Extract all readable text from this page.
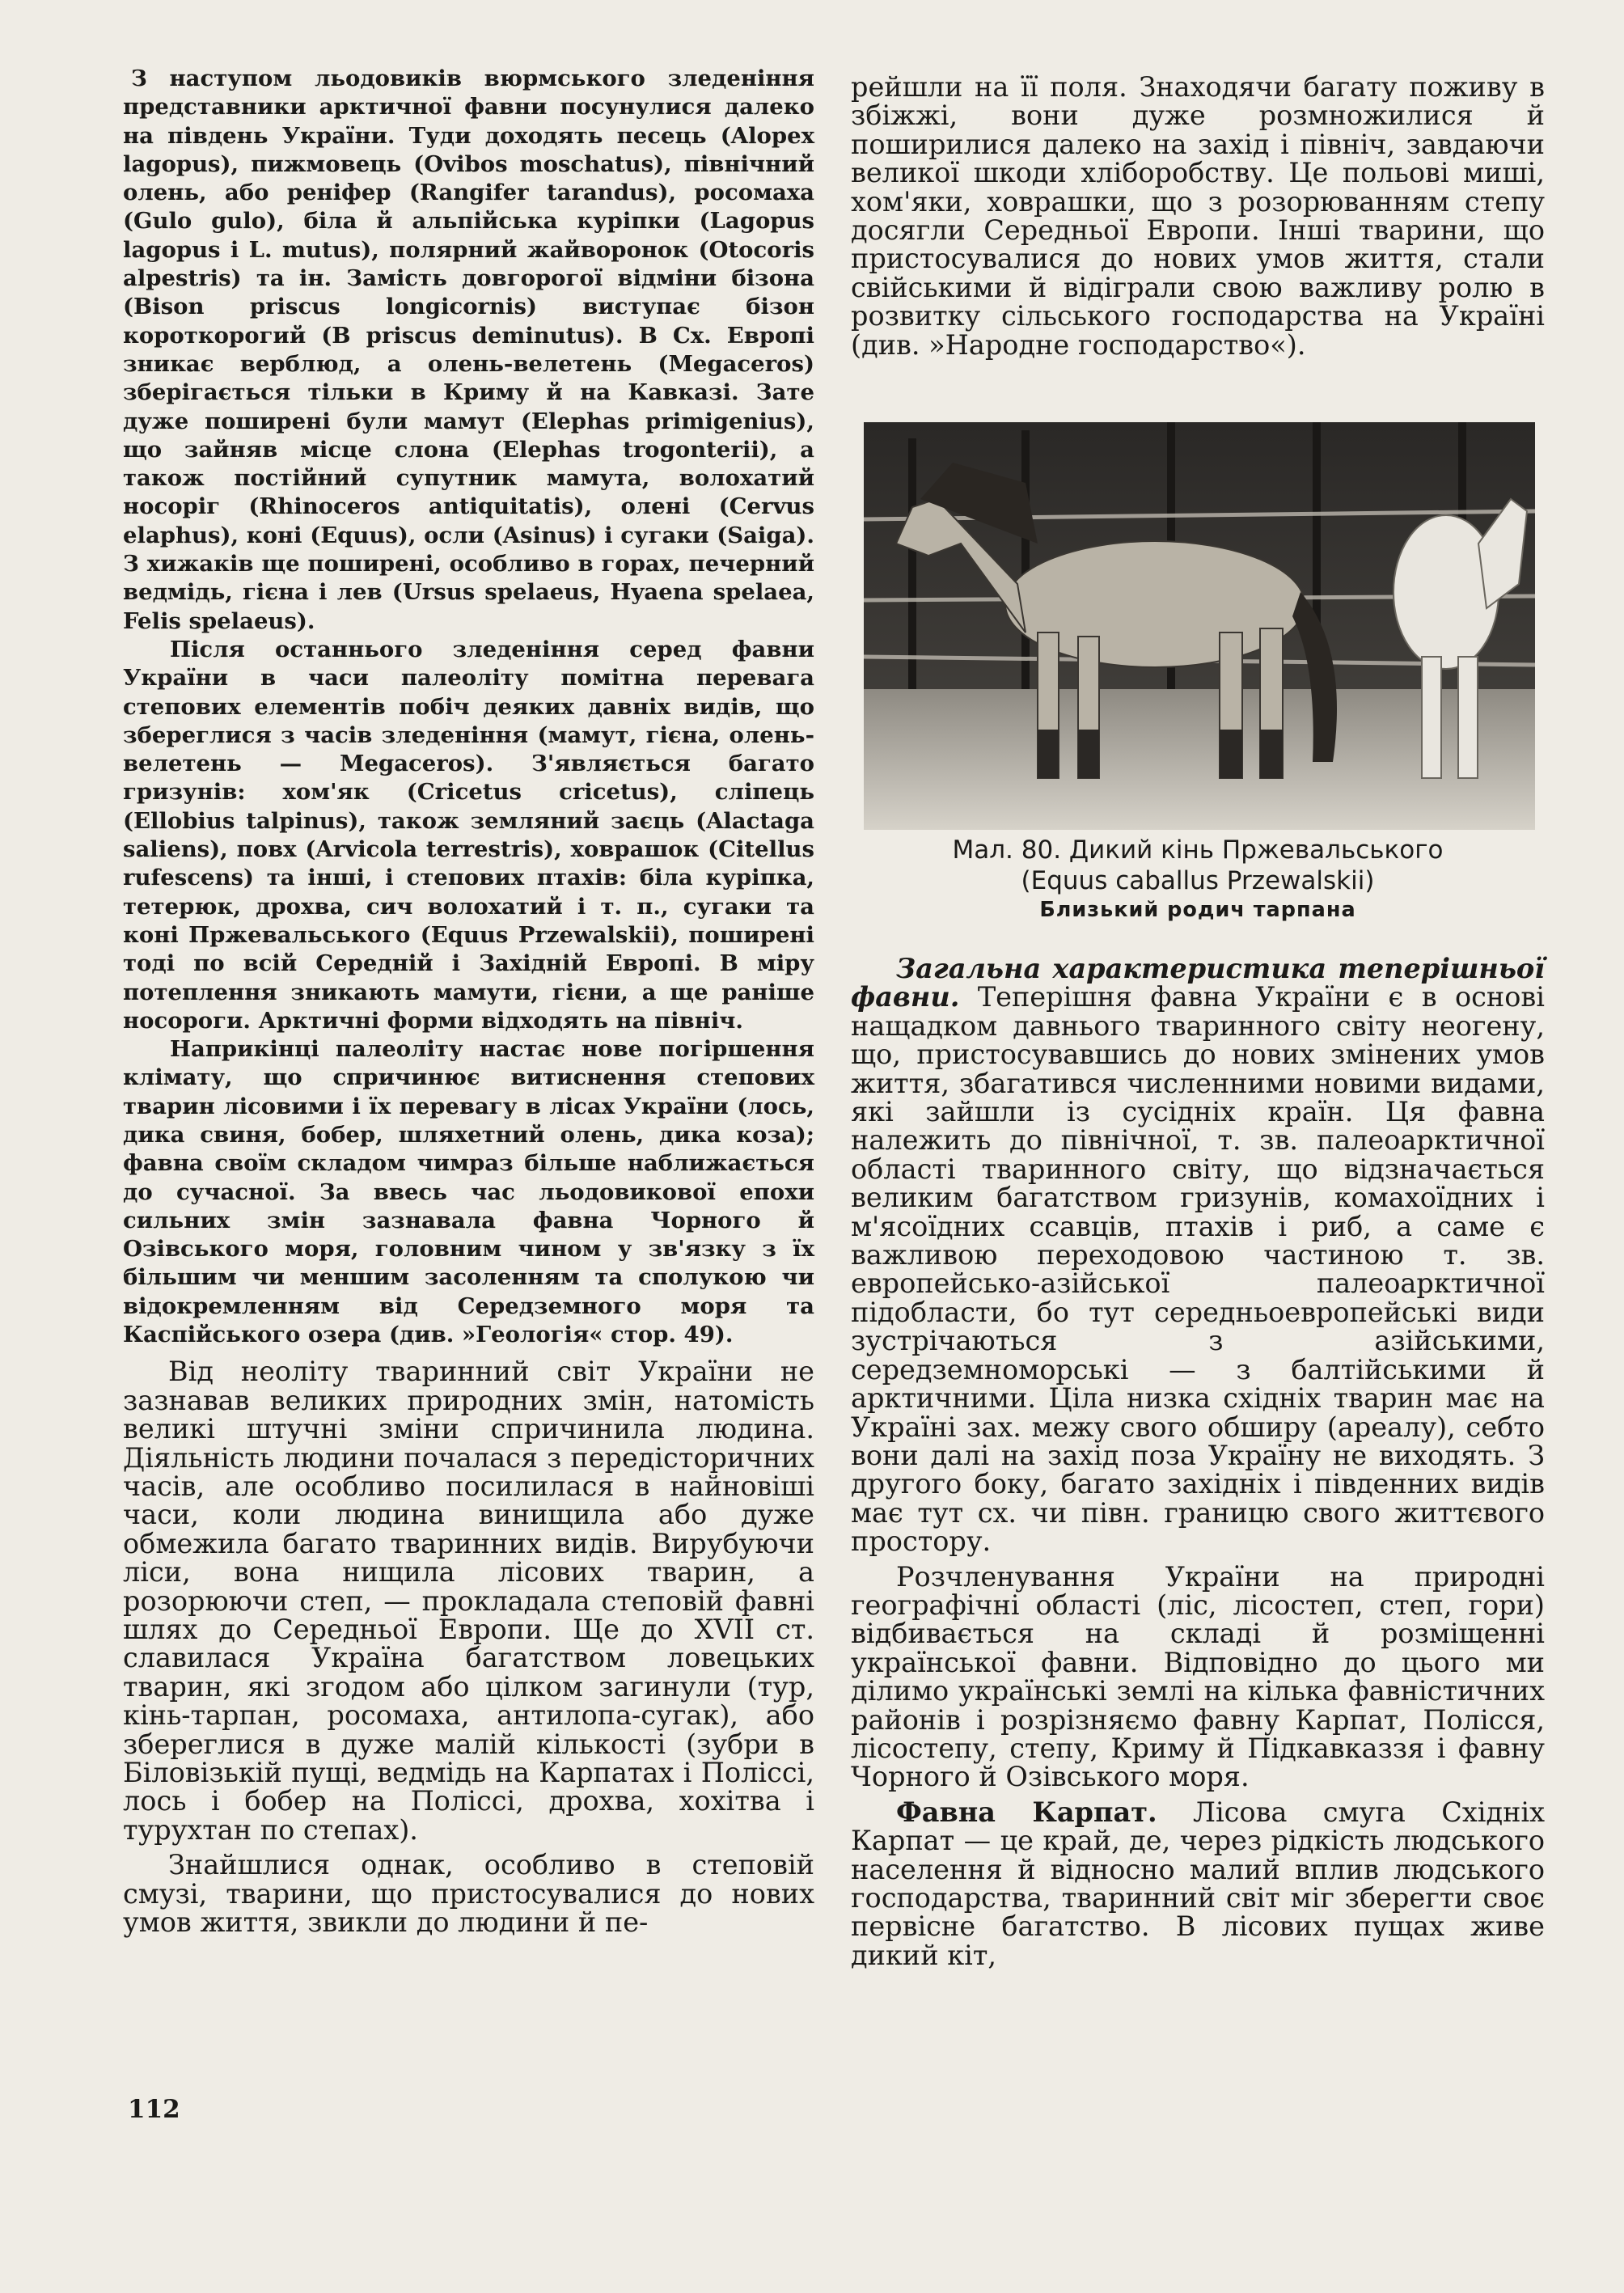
З наступом льодовиків вюрмського зледеніння представники арктичної фавни посунулися далеко на південь України. Туди доходять песець (Alopex lagopus), пижмовець (Ovibos moschatus), північний олень, або реніфер (Rangifer tarandus), росомаха (Gulo gulo), біла й альпійська куріпки (Lagopus lagopus і L. mutus), полярний жайворонок (Otocoris alpestris) та ін. Замість довгорогої відміни бізона (Bison priscus longicornis) виступає бізон короткорогий (B priscus deminutus). В Сх. Европі зникає верблюд, а олень-велетень (Megaceros) зберігається тільки в Криму й на Кавказі. Зате дуже поширені були мамут (Elephas primigenius), що зайняв місце слона (Elephas trogontеrii), а також постійний супутник мамута, волохатий носоріг (Rhinoceros antiquitatis), олені (Cervus elaphus), коні (Equus), осли (Asinus) і сугаки (Saiga). З хижаків ще поширені, особливо в горах, печерний ведмідь, гієна і лев (Ursus spelaeus, Hyaena spelaea, Felis spelaeus).

Після останнього зледеніння серед фавни України в часи палеоліту помітна перевага степових елементів побіч деяких давніх видів, що збереглися з часів зледеніння (мамут, гієна, олень-велетень — Megaceros). З'являється багато гризунів: хом'як (Cricetus cricetus), сліпець (Ellobius talpinus), також земляний заєць (Alactaga saliens), повх (Arvicola terrestris), ховрашок (Citellus rufescens) та інші, і степових птахів: біла куріпка, тетерюк, дрохва, сич волохатий і т. п., сугаки та коні Пржевальського (Equus Przewalskii), поширені тоді по всій Середній і Західній Европі. В міру потеплення зникають мамути, гієни, а ще раніше носороги. Арктичні форми відходять на північ.

Наприкінці палеоліту настає нове погіршення клімату, що спричинює витиснення степових тварин лісовими і їх перевагу в лісах України (лось, дика свиня, бобер, шляхетний олень, дика коза); фавна своїм складом чимраз більше наближається до сучасної. За ввесь час льодовикової епохи сильних змін зазнавала фавна Чорного й Озівського моря, головним чином у зв'язку з їх більшим чи меншим засоленням та сполукою чи відокремленням від Середземного моря та Каспійського озера (див. »Геологія« стор. 49).

Від неоліту тваринний світ України не зазнавав великих природних змін, натомість великі штучні зміни спричинила людина. Діяльність людини почалася з передісторичних часів, але особливо посилилася в найновіші часи, коли людина винищила або дуже обмежила багато тваринних видів. Вирубуючи ліси, вона нищила лісових тварин, а розорюючи степ, — прокладала степовій фавні шлях до Середньої Европи. Ще до XVII ст. славилася Україна багатством ловецьких тварин, які згодом або цілком загинули (тур, кінь-тарпан, росомаха, антилопа-сугак), або збереглися в дуже малій кількості (зубри в Біловізькій пущі, ведмідь на Карпатах і Поліссі, лось і бобер на Поліссі, дрохва, хохітва і турухтан по степах).

Знайшлися однак, особливо в степовій смузі, тварини, що пристосувалися до нових умов життя, звикли до людини й пе-

рейшли на її поля. Знаходячи багату поживу в збіжжі, вони дуже розмножилися й поширилися далеко на захід і північ, завдаючи великої шкоди хліборобству. Це польові миші, хом'яки, ховрашки, що з розорюванням степу досягли Середньої Европи. Інші тварини, що пристосувалися до нових умов життя, стали свійськими й відіграли свою важливу ролю в розвитку сільського господарства на Україні (див. »Народне господарство«).

Мал. 80. Дикий кінь Пржевальського
(Equus caballus Przewalskii)
Близький родич тарпана

Загальна характеристика теперішньої фавни. Теперішня фавна України є в основі нащадком давнього тваринного світу неогену, що, пристосувавшись до нових змінених умов життя, збагатився численними новими видами, які зайшли із сусідніх країн. Ця фавна належить до північної, т. зв. палеоарктичної області тваринного світу, що відзначається великим багатством гризунів, комахоїдних і м'ясоїдних ссавців, птахів і риб, а саме є важливою переходовою частиною т. зв. европейсько-азійської палеоарктичної підобласти, бо тут середньоевропейські види зустрічаються з азійськими, середземноморські — з балтійськими й арктичними. Ціла низка східніх тварин має на Україні зах. межу свого обширу (ареалу), себто вони далі на захід поза Україну не виходять. З другого боку, багато західніх і південних видів має тут сх. чи півн. границю свого життєвого простору.

Розчленування України на природні географічні області (ліс, лісостеп, степ, гори) відбивається на складі й розміщенні української фавни. Відповідно до цього ми ділимо українські землі на кілька фавністичних районів і розрізняємо фавну Карпат, Полісся, лісостепу, степу, Криму й Підкавказзя і фавну Чорного й Озівського моря.

Фавна Карпат. Лісова смуга Східніх Карпат — це край, де, через рідкість людського населення й відносно малий вплив людського господарства, тваринний світ міг зберегти своє первісне багатство. В лісових пущах живе дикий кіт,

112
